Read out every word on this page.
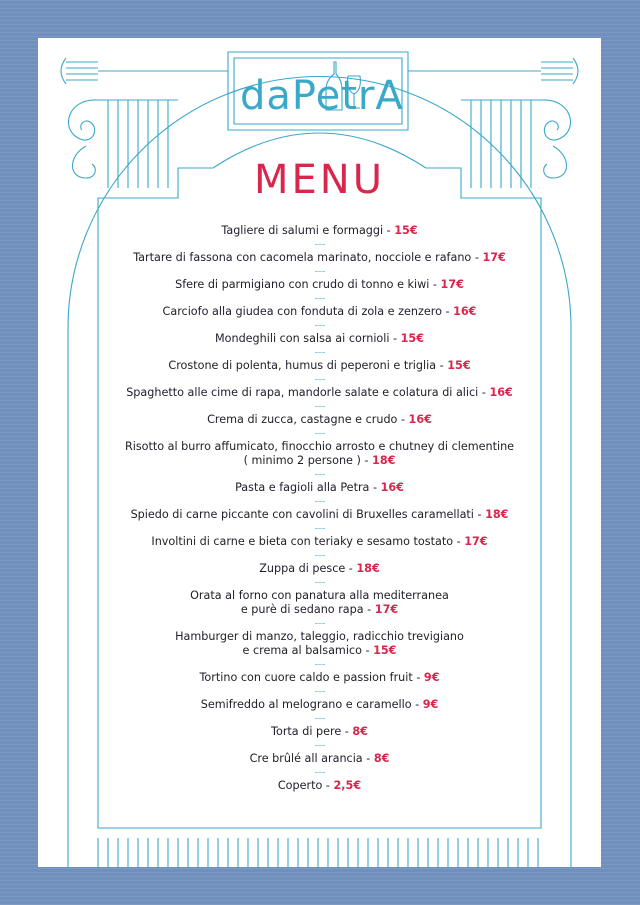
daPetrA
MENU
Tagliere di salumi e formaggi - 15€
Tartare di fassona con cacomela marinato, nocciole e rafano - 17€
Sfere di parmigiano con crudo di tonno e kiwi - 17€
Carciofo alla giudea con fonduta di zola e zenzero - 16€
Mondeghili con salsa ai cornioli - 15€
Crostone di polenta, humus di peperoni e triglia - 15€
Spaghetto alle cime di rapa, mandorle salate e colatura di alici - 16€
Crema di zucca, castagne e crudo - 16€
Risotto al burro affumicato, finocchio arrosto e chutney di clementine
( minimo 2 persone ) - 18€
Pasta e fagioli alla Petra - 16€
Spiedo di carne piccante con cavolini di Bruxelles caramellati - 18€
Involtini di carne e bieta con teriaky e sesamo tostato - 17€
Zuppa di pesce - 18€
Orata al forno con panatura alla mediterranea
e purè di sedano rapa - 17€
Hamburger di manzo, taleggio, radicchio trevigiano
e crema al balsamico - 15€
Tortino con cuore caldo e passion fruit - 9€
Semifreddo al melograno e caramello - 9€
Torta di pere - 8€
Cre brûlé all arancia - 8€
Coperto - 2,5€
